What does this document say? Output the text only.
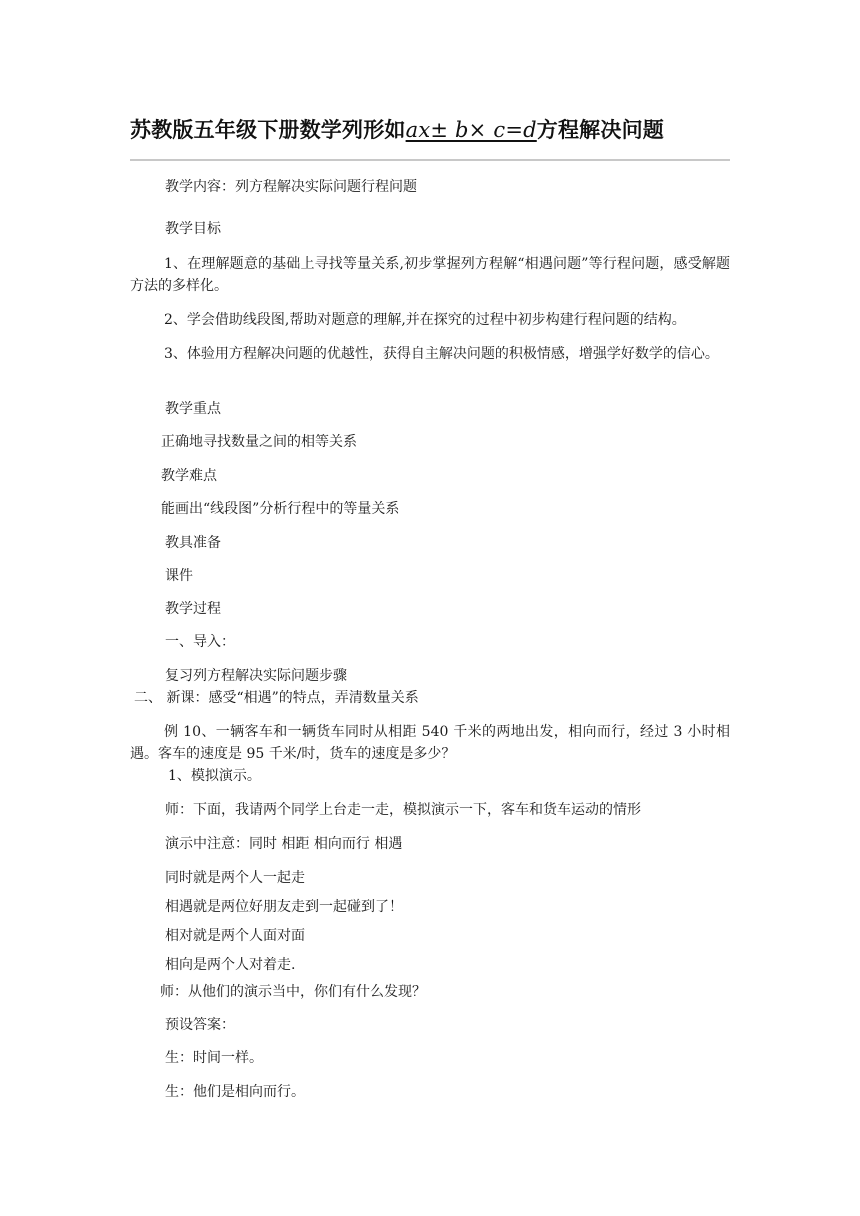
苏教版五年级下册数学列形如ax± b× c=d方程解决问题
教学内容：列方程解决实际问题行程问题
教学目标
1、在理解题意的基础上寻找等量关系,初步掌握列方程解“相遇问题”等行程问题，感受解题方法的多样化。
2、学会借助线段图,帮助对题意的理解,并在探究的过程中初步构建行程问题的结构。
3、体验用方程解决问题的优越性，获得自主解决问题的积极情感，增强学好数学的信心。
教学重点
正确地寻找数量之间的相等关系
教学难点
能画出“线段图”分析行程中的等量关系
教具准备
课件
教学过程
一、导入：
复习列方程解决实际问题步骤
二、 新课：感受“相遇”的特点，弄清数量关系
例 10、一辆客车和一辆货车同时从相距 540 千米的两地出发，相向而行，经过 3 小时相遇。客车的速度是 95 千米/时，货车的速度是多少？
1、模拟演示。
师：下面，我请两个同学上台走一走，模拟演示一下，客车和货车运动的情形
演示中注意：同时 相距 相向而行 相遇
同时就是两个人一起走
相遇就是两位好朋友走到一起碰到了！
相对就是两个人面对面
相向是两个人对着走.
师：从他们的演示当中，你们有什么发现？
预设答案：
生：时间一样。
生：他们是相向而行。
